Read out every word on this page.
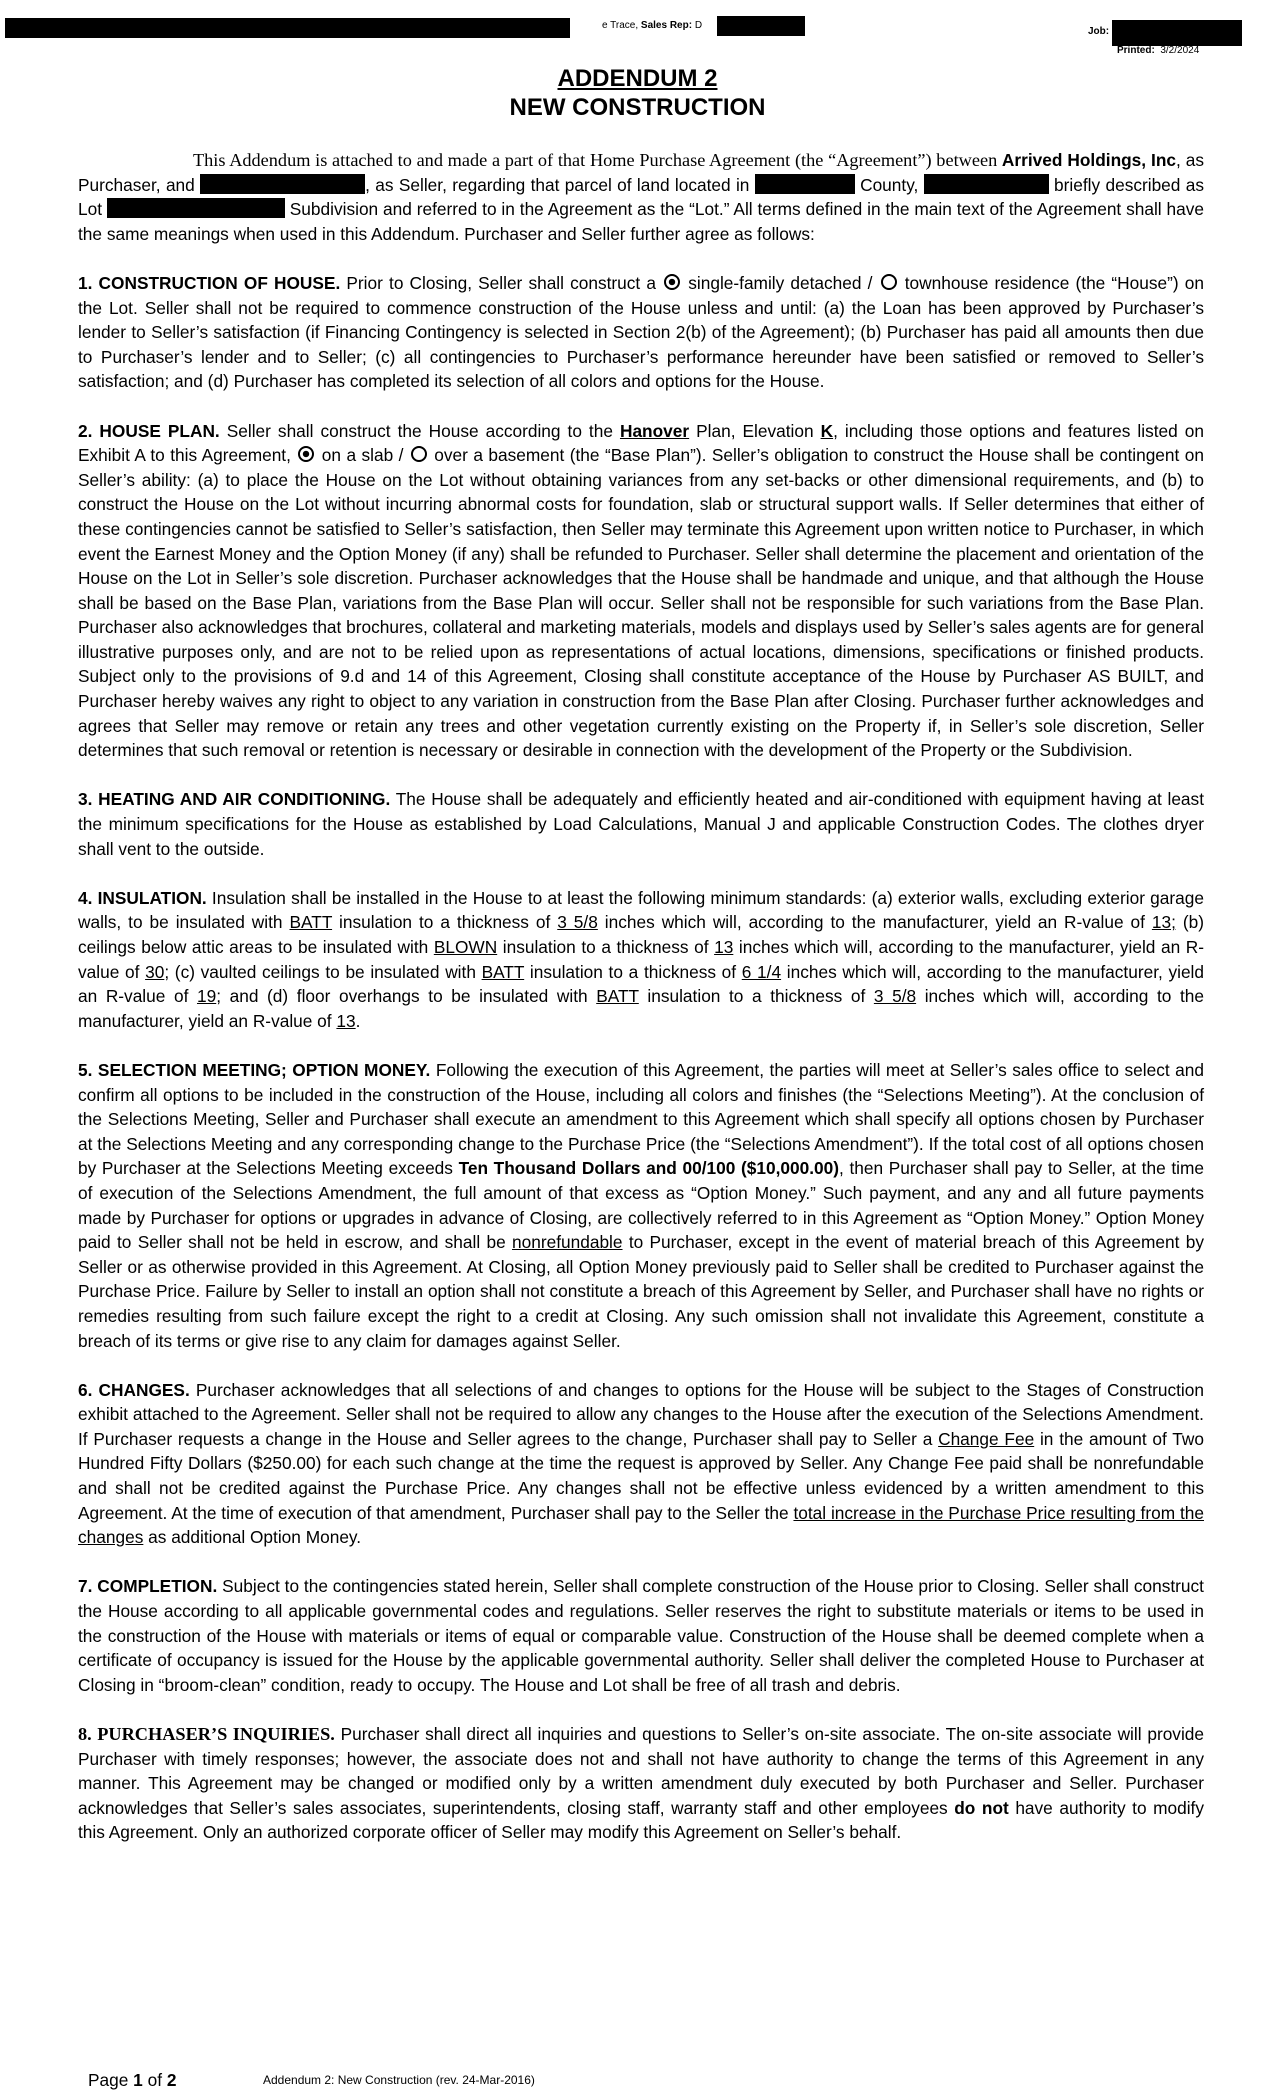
e Trace, Sales Rep: D
Job:
Printed: 3/2/2024
ADDENDUM 2
NEW CONSTRUCTION

This Addendum is attached to and made a part of that Home Purchase Agreement (the “Agreement”) between Arrived Holdings, Inc, as Purchaser, and	, as Seller, regarding that parcel of land located in	County,	briefly described as Lot	Subdivision and referred to in the Agreement as the “Lot.” All terms defined in the main text of the Agreement shall have the same meanings when used in this Addendum. Purchaser and Seller further agree as follows:

1. CONSTRUCTION OF HOUSE. Prior to Closing, Seller shall construct a  single-family detached /  townhouse residence (the “House”) on the Lot. Seller shall not be required to commence construction of the House unless and until: (a) the Loan has been approved by Purchaser’s lender to Seller’s satisfaction (if Financing Contingency is selected in Section 2(b) of the Agreement); (b) Purchaser has paid all amounts then due to Purchaser’s lender and to Seller; (c) all contingencies to Purchaser’s performance hereunder have been satisfied or removed to Seller’s satisfaction; and (d) Purchaser has completed its selection of all colors and options for the House.

2. HOUSE PLAN. Seller shall construct the House according to the Hanover Plan, Elevation K, including those options and features listed on Exhibit A to this Agreement,  on a slab /  over a basement (the “Base Plan”). Seller’s obligation to construct the House shall be contingent on Seller’s ability: (a) to place the House on the Lot without obtaining variances from any set-backs or other dimensional requirements, and (b) to construct the House on the Lot without incurring abnormal costs for foundation, slab or structural support walls. If Seller determines that either of these contingencies cannot be satisfied to Seller’s satisfaction, then Seller may terminate this Agreement upon written notice to Purchaser, in which event the Earnest Money and the Option Money (if any) shall be refunded to Purchaser. Seller shall determine the placement and orientation of the House on the Lot in Seller’s sole discretion. Purchaser acknowledges that the House shall be handmade and unique, and that although the House shall be based on the Base Plan, variations from the Base Plan will occur. Seller shall not be responsible for such variations from the Base Plan. Purchaser also acknowledges that brochures, collateral and marketing materials, models and displays used by Seller’s sales agents are for general illustrative purposes only, and are not to be relied upon as representations of actual locations, dimensions, specifications or finished products. Subject only to the provisions of 9.d and 14 of this Agreement, Closing shall constitute acceptance of the House by Purchaser AS BUILT, and Purchaser hereby waives any right to object to any variation in construction from the Base Plan after Closing. Purchaser further acknowledges and agrees that Seller may remove or retain any trees and other vegetation currently existing on the Property if, in Seller’s sole discretion, Seller determines that such removal or retention is necessary or desirable in connection with the development of the Property or the Subdivision.

3. HEATING AND AIR CONDITIONING. The House shall be adequately and efficiently heated and air-conditioned with equipment having at least the minimum specifications for the House as established by Load Calculations, Manual J and applicable Construction Codes. The clothes dryer shall vent to the outside.

4. INSULATION. Insulation shall be installed in the House to at least the following minimum standards: (a) exterior walls, excluding exterior garage walls, to be insulated with BATT insulation to a thickness of 3 5/8 inches which will, according to the manufacturer, yield an R-value of 13; (b) ceilings below attic areas to be insulated with BLOWN insulation to a thickness of 13 inches which will, according to the manufacturer, yield an R-value of 30; (c) vaulted ceilings to be insulated with BATT insulation to a thickness of 6 1/4 inches which will, according to the manufacturer, yield an R-value of 19; and (d) floor overhangs to be insulated with BATT insulation to a thickness of 3 5/8 inches which will, according to the manufacturer, yield an R-value of 13.

5. SELECTION MEETING; OPTION MONEY. Following the execution of this Agreement, the parties will meet at Seller’s sales office to select and confirm all options to be included in the construction of the House, including all colors and finishes (the “Selections Meeting”). At the conclusion of the Selections Meeting, Seller and Purchaser shall execute an amendment to this Agreement which shall specify all options chosen by Purchaser at the Selections Meeting and any corresponding change to the Purchase Price (the “Selections Amendment”). If the total cost of all options chosen by Purchaser at the Selections Meeting exceeds Ten Thousand Dollars and 00/100 ($10,000.00), then Purchaser shall pay to Seller, at the time of execution of the Selections Amendment, the full amount of that excess as “Option Money.” Such payment, and any and all future payments made by Purchaser for options or upgrades in advance of Closing, are collectively referred to in this Agreement as “Option Money.” Option Money paid to Seller shall not be held in escrow, and shall be nonrefundable to Purchaser, except in the event of material breach of this Agreement by Seller or as otherwise provided in this Agreement. At Closing, all Option Money previously paid to Seller shall be credited to Purchaser against the Purchase Price. Failure by Seller to install an option shall not constitute a breach of this Agreement by Seller, and Purchaser shall have no rights or remedies resulting from such failure except the right to a credit at Closing. Any such omission shall not invalidate this Agreement, constitute a breach of its terms or give rise to any claim for damages against Seller.

6. CHANGES. Purchaser acknowledges that all selections of and changes to options for the House will be subject to the Stages of Construction exhibit attached to the Agreement. Seller shall not be required to allow any changes to the House after the execution of the Selections Amendment. If Purchaser requests a change in the House and Seller agrees to the change, Purchaser shall pay to Seller a Change Fee in the amount of Two Hundred Fifty Dollars ($250.00) for each such change at the time the request is approved by Seller. Any Change Fee paid shall be nonrefundable and shall not be credited against the Purchase Price. Any changes shall not be effective unless evidenced by a written amendment to this Agreement. At the time of execution of that amendment, Purchaser shall pay to the Seller the total increase in the Purchase Price resulting from the changes as additional Option Money.

7. COMPLETION. Subject to the contingencies stated herein, Seller shall complete construction of the House prior to Closing. Seller shall construct the House according to all applicable governmental codes and regulations. Seller reserves the right to substitute materials or items to be used in the construction of the House with materials or items of equal or comparable value. Construction of the House shall be deemed complete when a certificate of occupancy is issued for the House by the applicable governmental authority. Seller shall deliver the completed House to Purchaser at Closing in “broom-clean” condition, ready to occupy. The House and Lot shall be free of all trash and debris.

8. PURCHASER’S INQUIRIES. Purchaser shall direct all inquiries and questions to Seller’s on-site associate. The on-site associate will provide Purchaser with timely responses; however, the associate does not and shall not have authority to change the terms of this Agreement in any manner. This Agreement may be changed or modified only by a written amendment duly executed by both Purchaser and Seller. Purchaser acknowledges that Seller’s sales associates, superintendents, closing staff, warranty staff and other employees do not have authority to modify this Agreement. Only an authorized corporate officer of Seller may modify this Agreement on Seller’s behalf.

Page 1 of 2	Addendum 2: New Construction (rev. 24-Mar-2016)
